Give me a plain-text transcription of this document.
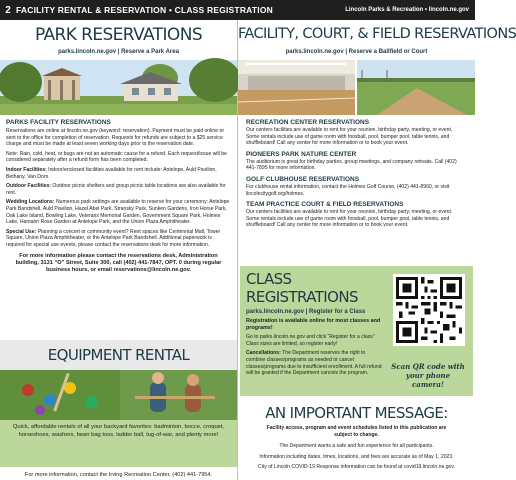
2 FACILITY RENTAL & RESERVATION • CLASS REGISTRATION	Lincoln Parks & Recreation • lincoln.ne.gov
PARK RESERVATIONS
parks.lincoln.ne.gov | Reserve a Park Area
PARKS FACILITY RESERVATIONS

Reservations are online at lincoln.ne.gov (keyword: reservation). Payment must be paid online or sent to the office for completion of reservation. Requests for refunds are subject to a $25 service charge and must be made at least seven working days prior to the reservation date.

Note: Rain, cold, heat, or bugs are not an automatic cause for a refund. Each request/issue will be considered separately after a refund form has been completed.

Indoor Facilities: Indoor/enclosed facilities available for rent include: Antelope, Auld Pavilion, Bethany, Van Dorn.

Outdoor Facilities: Outdoor picnic shelters and group picnic table locations are also available for rent.

Wedding Locations: Numerous park settings are available to reserve for your ceremony: Antelope Park Bandshell, Auld Pavilion, Hazel Abel Park, Stransky Park, Sunken Gardens, Iron Horse Park, Oak Lake Island, Bowling Lake, Veterans Memorial Garden, Government Square Park, Holmes Lake, Hamann Rose Garden at Antelope Park, and the Union Plaza Amphitheater.

Special Use: Planning a concert or community event? Rent spaces like Centennial Mall, Tower Square, Union Plaza Amphitheater, or the Antelope Park Bandshell. Additional paperwork is required for special use events, please contact the reservations desk for more information.

For more information please contact the reservations desk, Administration building, 3131 “O” Street, Suite 300, call (402) 441-7847, OPT. 0 during regular business hours, or email reservations@lincoln.ne.gov.

EQUIPMENT RENTAL

Quick, affordable rentals of all your backyard favorites: badminton, bocce, croquet, horseshoes, washers, bean bag toss, ladder ball, tug-of-war, and plenty more!

For more information, contact the Irving Recreation Center, (402) 441-7954.

FACILITY, COURT, & FIELD RESERVATIONS
parks.lincoln.ne.gov | Reserve a Ballfield or Court
RECREATION CENTER RESERVATIONS

Our centers facilities are available to rent for your reunion, birthday party, meeting, or event. Some rentals include use of game room with foosball, pool, bumper pool, table tennis, and shuffleboard! Call any center for more information or to book your event.

PIONEERS PARK NATURE CENTER

The auditorium is great for birthday parties, group meetings, and company retreats. Call (402) 441-7895 for more information.

GOLF CLUBHOUSE RESERVATIONS

For clubhouse rental information, contact the Holmes Golf Course, (402) 441-8960, or visit lincolncitygolf.org/holmes.

TEAM PRACTICE COURT & FIELD RESERVATIONS

Our centers facilities are available to rent for your reunion, birthday party, meeting, or event. Some rentals include use of game room with foosball, pool, bumper pool, table tennis, and shuffleboard! Call any center for more information or to book your event.

CLASS REGISTRATIONS
parks.lincoln.ne.gov | Register for a Class

Registration is available online for most classes and programs!

Go to parks.lincoln.ne.gov and click “Register for a class” Class sizes are limited, so register early!

Cancellations: The Department reserves the right to combine classes/programs as needed or cancel classes/programs due to insufficient enrollment. A full refund will be granted if the Department cancels the program.

Scan QR code with your phone camera!

AN IMPORTANT MESSAGE:

Facility access, program and event schedules listed in this publication are subject to change.

The Department wants a safe and fun experience for all participants.

Information including dates, times, locations, and fees are accurate as of May 1, 2023.

City of Lincoln COVID-19 Response information can be found at covid19.lincoln.ne.gov.
